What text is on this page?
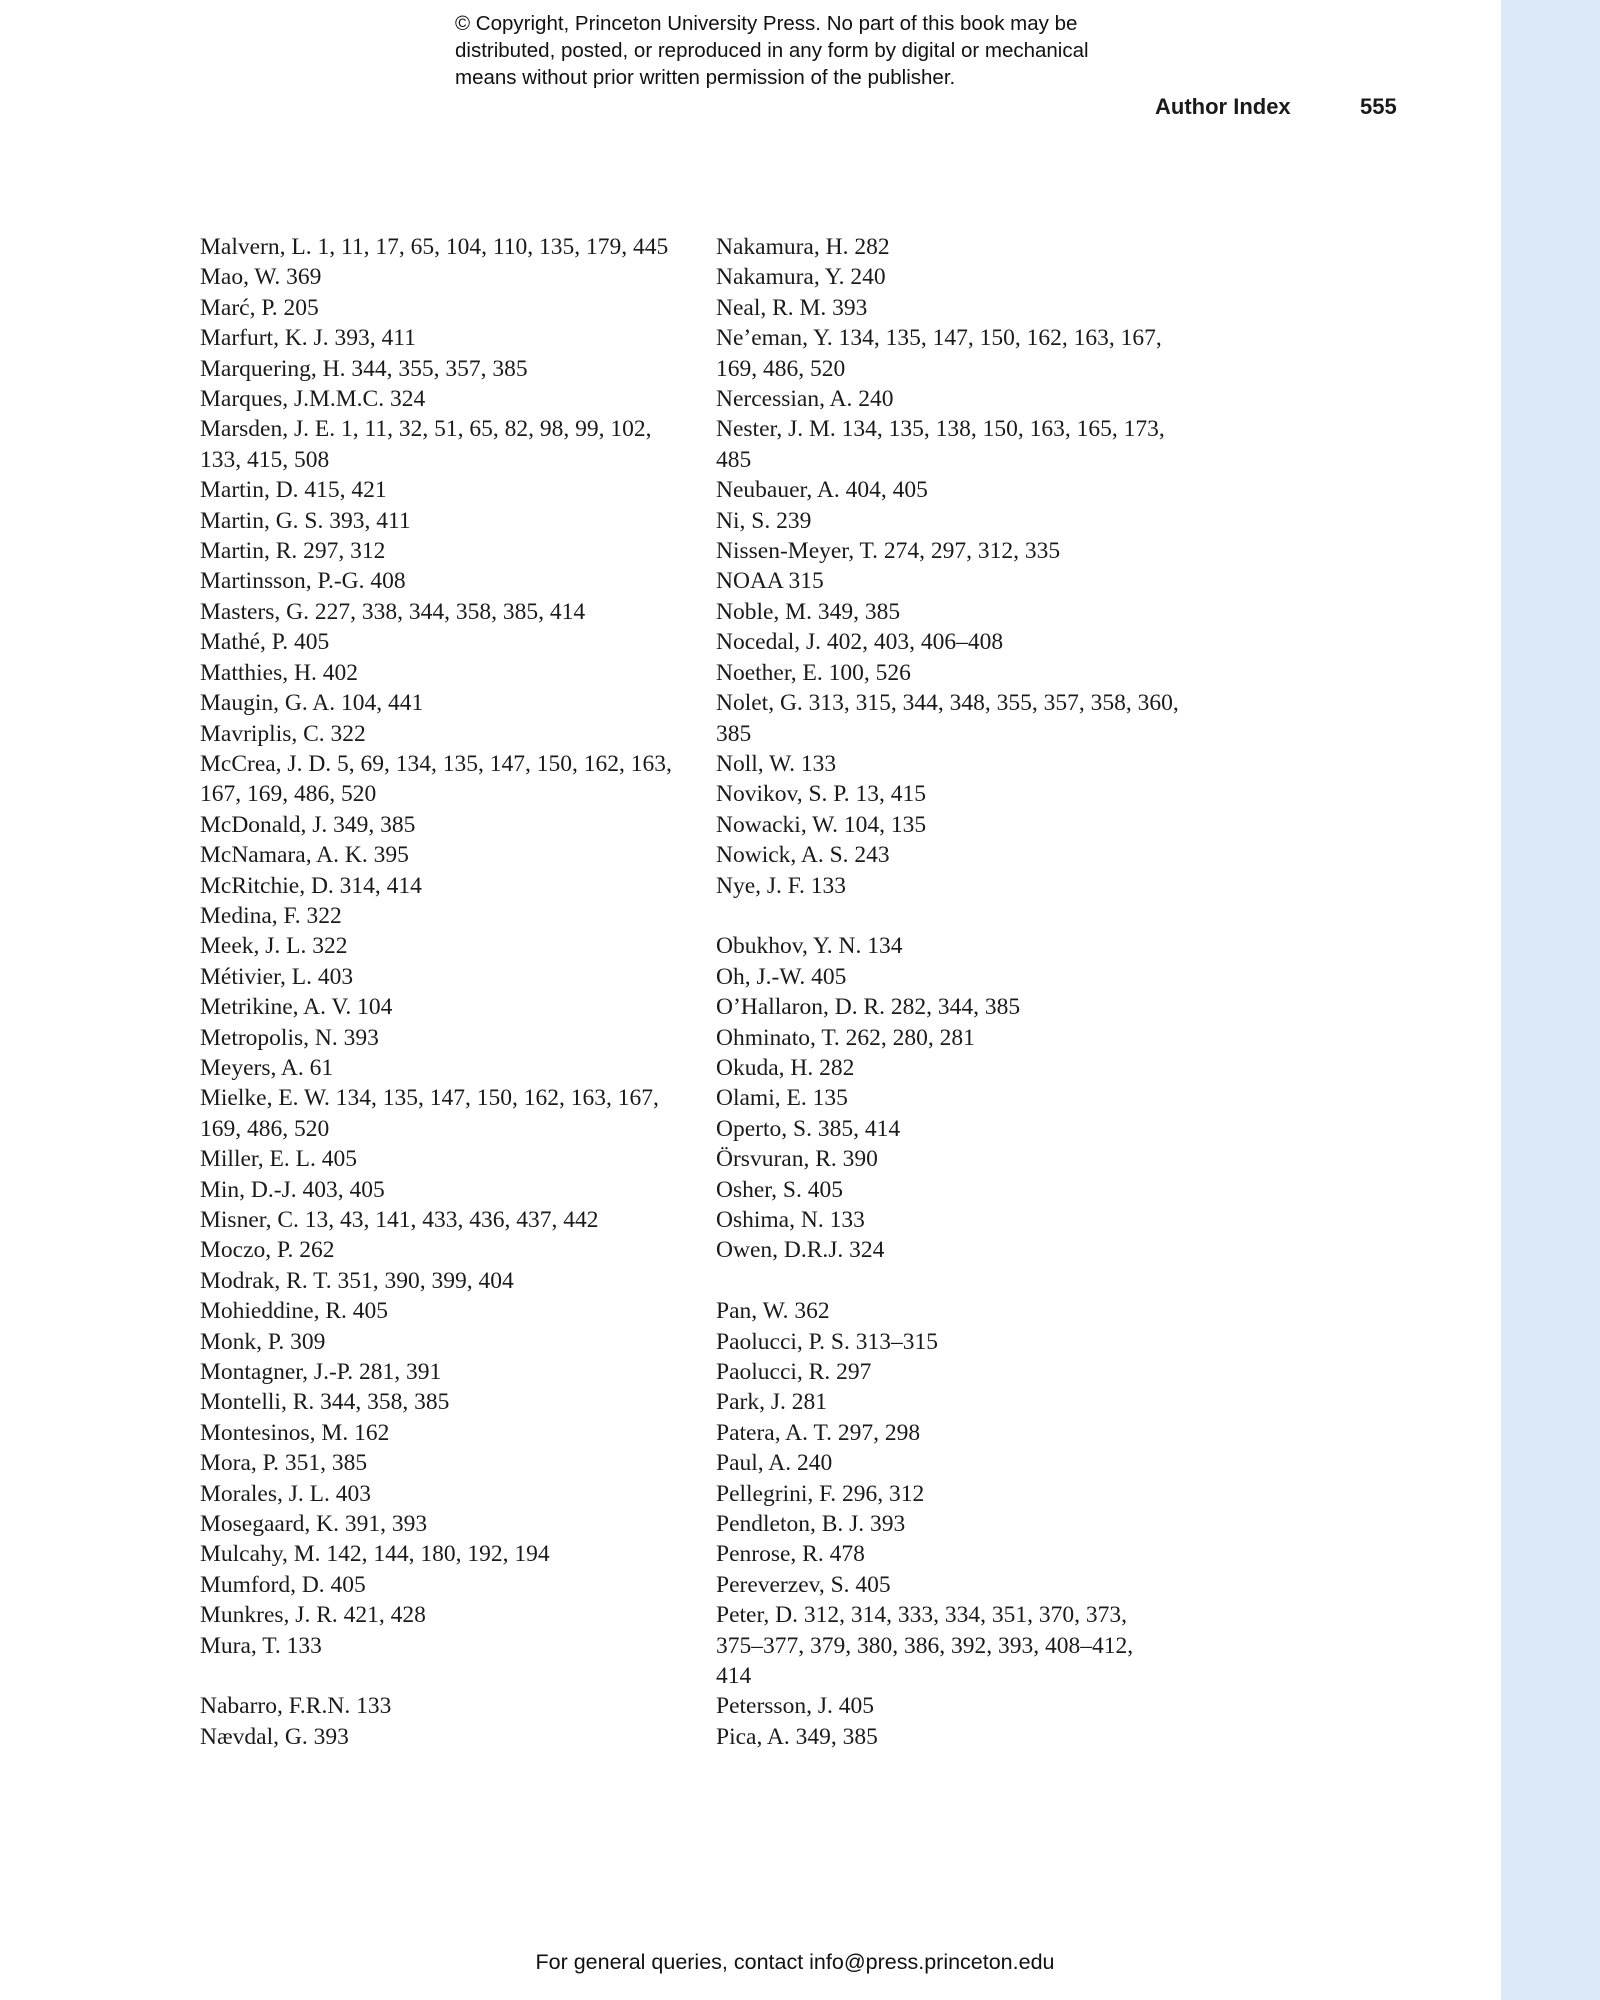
© Copyright, Princeton University Press. No part of this book may be
distributed, posted, or reproduced in any form by digital or mechanical
means without prior written permission of the publisher.
Author Index	555
Malvern, L. 1, 11, 17, 65, 104, 110, 135, 179, 445
Mao, W. 369
Marć, P. 205
Marfurt, K. J. 393, 411
Marquering, H. 344, 355, 357, 385
Marques, J.M.M.C. 324
Marsden, J. E. 1, 11, 32, 51, 65, 82, 98, 99, 102,
133, 415, 508
Martin, D. 415, 421
Martin, G. S. 393, 411
Martin, R. 297, 312
Martinsson, P.-G. 408
Masters, G. 227, 338, 344, 358, 385, 414
Mathé, P. 405
Matthies, H. 402
Maugin, G. A. 104, 441
Mavriplis, C. 322
McCrea, J. D. 5, 69, 134, 135, 147, 150, 162, 163,
167, 169, 486, 520
McDonald, J. 349, 385
McNamara, A. K. 395
McRitchie, D. 314, 414
Medina, F. 322
Meek, J. L. 322
Métivier, L. 403
Metrikine, A. V. 104
Metropolis, N. 393
Meyers, A. 61
Mielke, E. W. 134, 135, 147, 150, 162, 163, 167,
169, 486, 520
Miller, E. L. 405
Min, D.-J. 403, 405
Misner, C. 13, 43, 141, 433, 436, 437, 442
Moczo, P. 262
Modrak, R. T. 351, 390, 399, 404
Mohieddine, R. 405
Monk, P. 309
Montagner, J.-P. 281, 391
Montelli, R. 344, 358, 385
Montesinos, M. 162
Mora, P. 351, 385
Morales, J. L. 403
Mosegaard, K. 391, 393
Mulcahy, M. 142, 144, 180, 192, 194
Mumford, D. 405
Munkres, J. R. 421, 428
Mura, T. 133
Nabarro, F.R.N. 133
Nævdal, G. 393
Nakamura, H. 282
Nakamura, Y. 240
Neal, R. M. 393
Ne’eman, Y. 134, 135, 147, 150, 162, 163, 167,
169, 486, 520
Nercessian, A. 240
Nester, J. M. 134, 135, 138, 150, 163, 165, 173,
485
Neubauer, A. 404, 405
Ni, S. 239
Nissen-Meyer, T. 274, 297, 312, 335
NOAA 315
Noble, M. 349, 385
Nocedal, J. 402, 403, 406–408
Noether, E. 100, 526
Nolet, G. 313, 315, 344, 348, 355, 357, 358, 360,
385
Noll, W. 133
Novikov, S. P. 13, 415
Nowacki, W. 104, 135
Nowick, A. S. 243
Nye, J. F. 133
Obukhov, Y. N. 134
Oh, J.-W. 405
O’Hallaron, D. R. 282, 344, 385
Ohminato, T. 262, 280, 281
Okuda, H. 282
Olami, E. 135
Operto, S. 385, 414
Örsvuran, R. 390
Osher, S. 405
Oshima, N. 133
Owen, D.R.J. 324
Pan, W. 362
Paolucci, P. S. 313–315
Paolucci, R. 297
Park, J. 281
Patera, A. T. 297, 298
Paul, A. 240
Pellegrini, F. 296, 312
Pendleton, B. J. 393
Penrose, R. 478
Pereverzev, S. 405
Peter, D. 312, 314, 333, 334, 351, 370, 373,
375–377, 379, 380, 386, 392, 393, 408–412,
414
Petersson, J. 405
Pica, A. 349, 385
For general queries, contact info@press.princeton.edu
